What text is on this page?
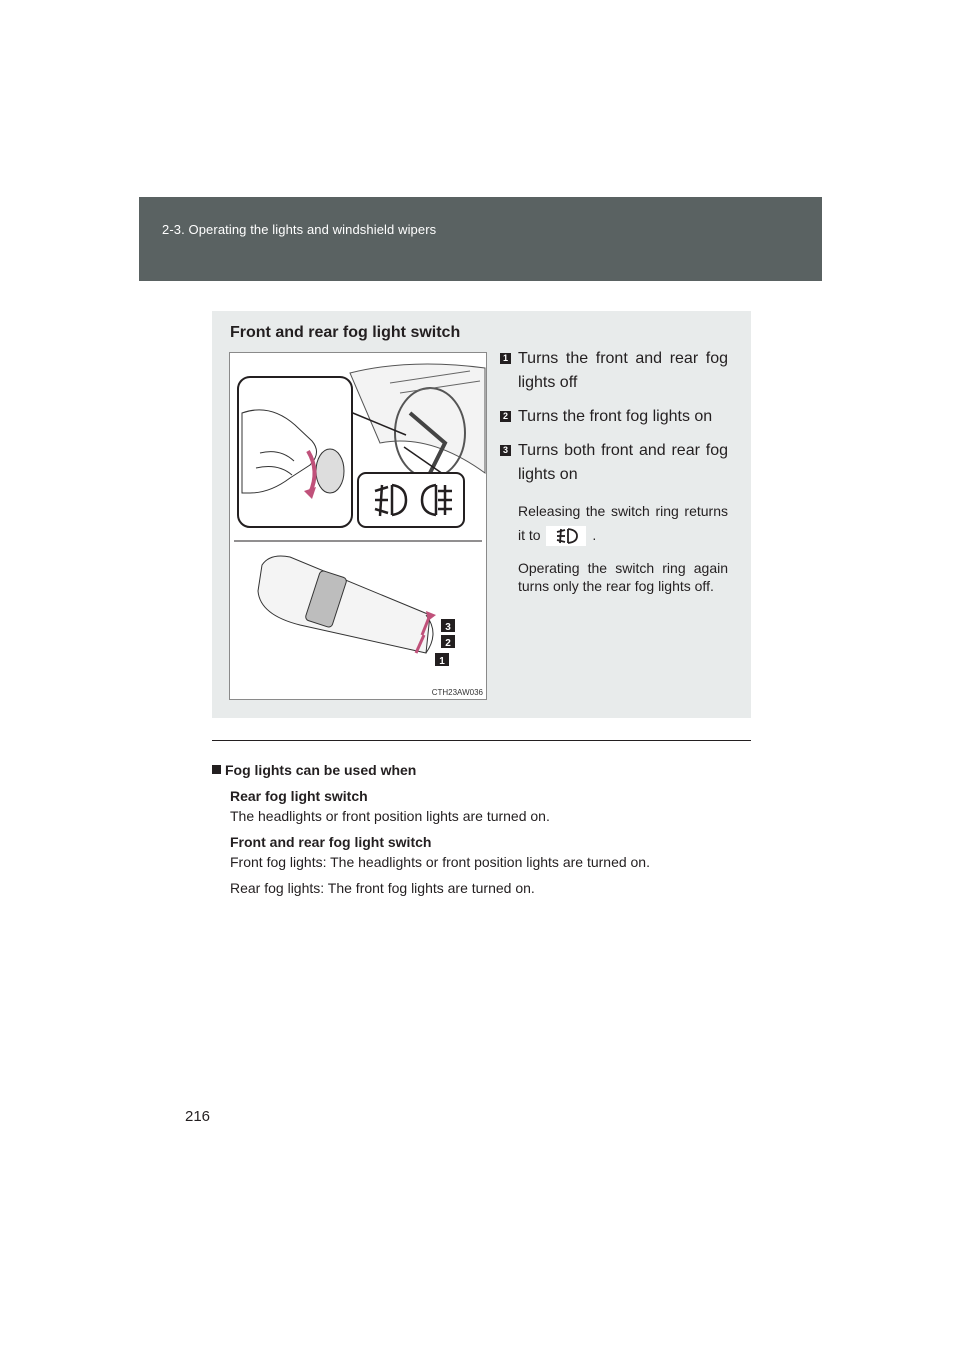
2-3. Operating the lights and windshield wipers
Front and rear fog light switch
3
2
1
CTH23AW036
1 Turns the front and rear fog lights off
2 Turns the front fog lights on
3 Turns both front and rear fog lights on
Releasing the switch ring returns it to	.
Operating the switch ring again turns only the rear fog lights off.
Fog lights can be used when
Rear fog light switch
The headlights or front position lights are turned on.
Front and rear fog light switch
Front fog lights: The headlights or front position lights are turned on.
Rear fog lights: The front fog lights are turned on.
216
